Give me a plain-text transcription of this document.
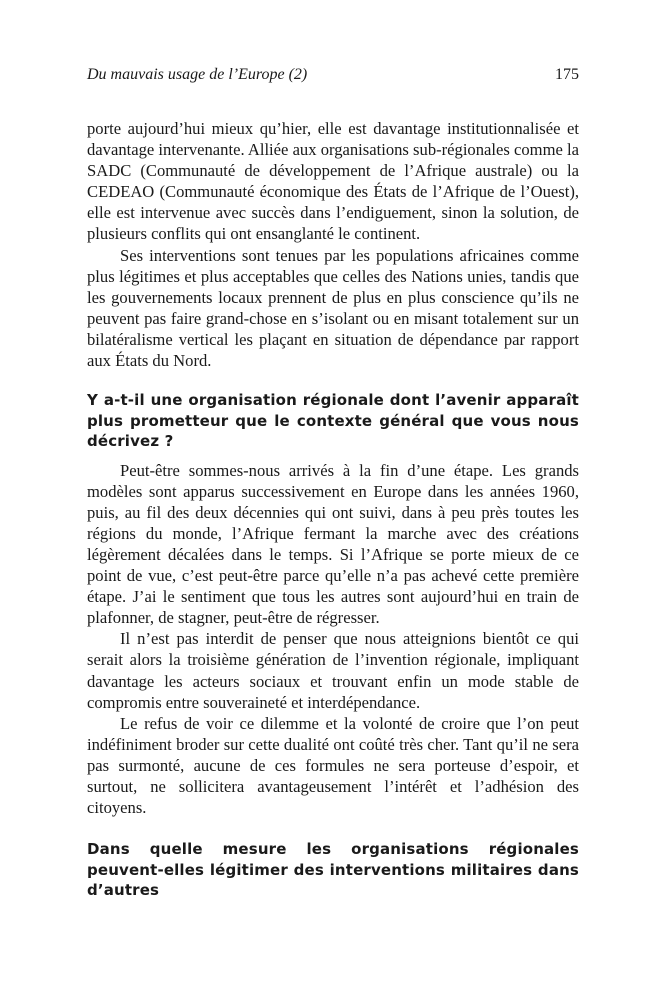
Du mauvais usage de l’Europe (2)	175

porte aujourd’hui mieux qu’hier, elle est davantage institutionnalisée et davantage intervenante. Alliée aux organisations sub-régionales comme la SADC (Communauté de développement de l’Afrique australe) ou la CEDEAO (Communauté économique des États de l’Afrique de l’Ouest), elle est intervenue avec succès dans l’endiguement, sinon la solution, de plusieurs conflits qui ont ensanglanté le continent.

Ses interventions sont tenues par les populations africaines comme plus légitimes et plus acceptables que celles des Nations unies, tandis que les gouvernements locaux prennent de plus en plus conscience qu’ils ne peuvent pas faire grand-chose en s’isolant ou en misant totalement sur un bilatéralisme vertical les plaçant en situation de dépendance par rapport aux États du Nord.

Y a-t-il une organisation régionale dont l’avenir apparaît plus prometteur que le contexte général que vous nous décrivez ?

Peut-être sommes-nous arrivés à la fin d’une étape. Les grands modèles sont apparus successivement en Europe dans les années 1960, puis, au fil des deux décennies qui ont suivi, dans à peu près toutes les régions du monde, l’Afrique fermant la marche avec des créations légèrement décalées dans le temps. Si l’Afrique se porte mieux de ce point de vue, c’est peut-être parce qu’elle n’a pas achevé cette première étape. J’ai le sentiment que tous les autres sont aujourd’hui en train de plafonner, de stagner, peut-être de régresser.

Il n’est pas interdit de penser que nous atteignions bientôt ce qui serait alors la troisième génération de l’invention régionale, impliquant davantage les acteurs sociaux et trouvant enfin un mode stable de compromis entre souveraineté et interdépendance.

Le refus de voir ce dilemme et la volonté de croire que l’on peut indéfiniment broder sur cette dualité ont coûté très cher. Tant qu’il ne sera pas surmonté, aucune de ces formules ne sera porteuse d’espoir, et surtout, ne sollicitera avantageusement l’intérêt et l’adhésion des citoyens.

Dans quelle mesure les organisations régionales peuvent-elles légitimer des interventions militaires dans d’autres
